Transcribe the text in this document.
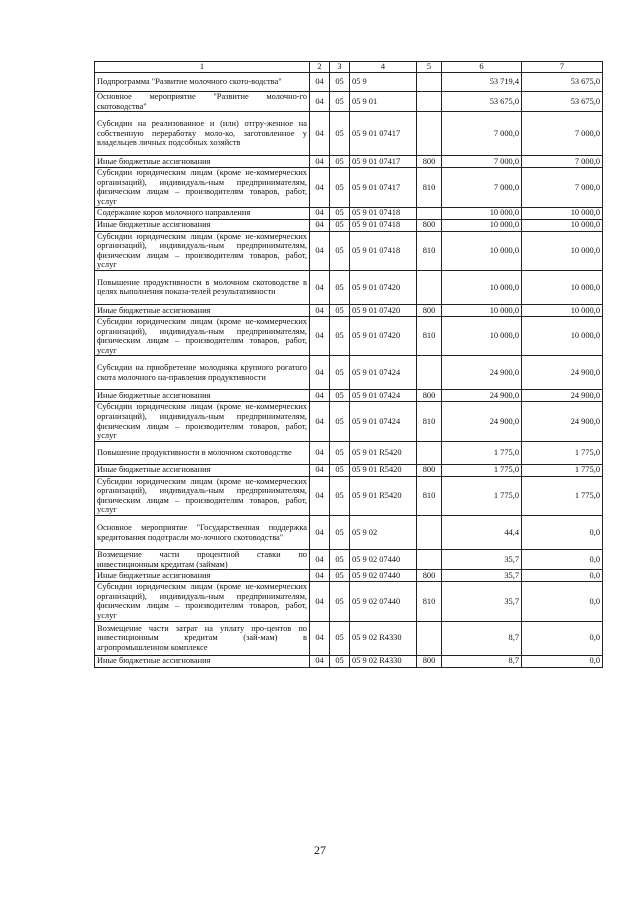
1	2	3	4	5	6	7
Подпрограмма "Развитие молочного ското-водства"	04	05	05 9		53 719,4	53 675,0
Основное мероприятие "Развитие молочно-го скотоводства"	04	05	05 9 01		53 675,0	53 675,0
Субсидии на реализованное и (или) отгру-женное на собственную переработку моло-ко, заготовленное у владельцев личных подсобных хозяйств	04	05	05 9 01 07417		7 000,0	7 000,0
Иные бюджетные ассигнования	04	05	05 9 01 07417	800	7 000,0	7 000,0
Субсидии юридическим лицам (кроме не-коммерческих организаций), индивидуаль-ным предпринимателям, физическим лицам – производителям товаров, работ, услуг	04	05	05 9 01 07417	810	7 000,0	7 000,0
Содержание коров молочного направления	04	05	05 9 01 07418		10 000,0	10 000,0
Иные бюджетные ассигнования	04	05	05 9 01 07418	800	10 000,0	10 000,0
Субсидии юридическим лицам (кроме не-коммерческих организаций), индивидуаль-ным предпринимателям, физическим лицам – производителям товаров, работ, услуг	04	05	05 9 01 07418	810	10 000,0	10 000,0
Повышение продуктивности в молочном скотоводстве в целях выполнения показа-телей результативности	04	05	05 9 01 07420		10 000,0	10 000,0
Иные бюджетные ассигнования	04	05	05 9 01 07420	800	10 000,0	10 000,0
Субсидии юридическим лицам (кроме не-коммерческих организаций), индивидуаль-ным предпринимателям, физическим лицам – производителям товаров, работ, услуг	04	05	05 9 01 07420	810	10 000,0	10 000,0
Субсидии на приобретение молодняка крупного рогатого скота молочного на-правления продуктивности	04	05	05 9 01 07424		24 900,0	24 900,0
Иные бюджетные ассигнования	04	05	05 9 01 07424	800	24 900,0	24 900,0
Субсидии юридическим лицам (кроме не-коммерческих организаций), индивидуаль-ным предпринимателям, физическим лицам – производителям товаров, работ, услуг	04	05	05 9 01 07424	810	24 900,0	24 900,0
Повышение продуктивности в молочном скотоводстве	04	05	05 9 01 R5420		1 775,0	1 775,0
Иные бюджетные ассигнования	04	05	05 9 01 R5420	800	1 775,0	1 775,0
Субсидии юридическим лицам (кроме не-коммерческих организаций), индивидуаль-ным предпринимателям, физическим лицам – производителям товаров, работ, услуг	04	05	05 9 01 R5420	810	1 775,0	1 775,0
Основное мероприятие "Государственная поддержка кредитования подотрасли мо-лочного скотоводства"	04	05	05 9 02		44,4	0,0
Возмещение части процентной ставки по инвестиционным кредитам (займам)	04	05	05 9 02 07440		35,7	0,0
Иные бюджетные ассигнования	04	05	05 9 02 07440	800	35,7	0,0
Субсидии юридическим лицам (кроме не-коммерческих организаций), индивидуаль-ным предпринимателям, физическим лицам – производителям товаров, работ, услуг	04	05	05 9 02 07440	810	35,7	0,0
Возмещение части затрат на уплату про-центов по инвестиционным кредитам (зай-мам) в агропромышленном комплексе	04	05	05 9 02 R4330		8,7	0,0
Иные бюджетные ассигнования	04	05	05 9 02 R4330	800	8,7	0,0
27
